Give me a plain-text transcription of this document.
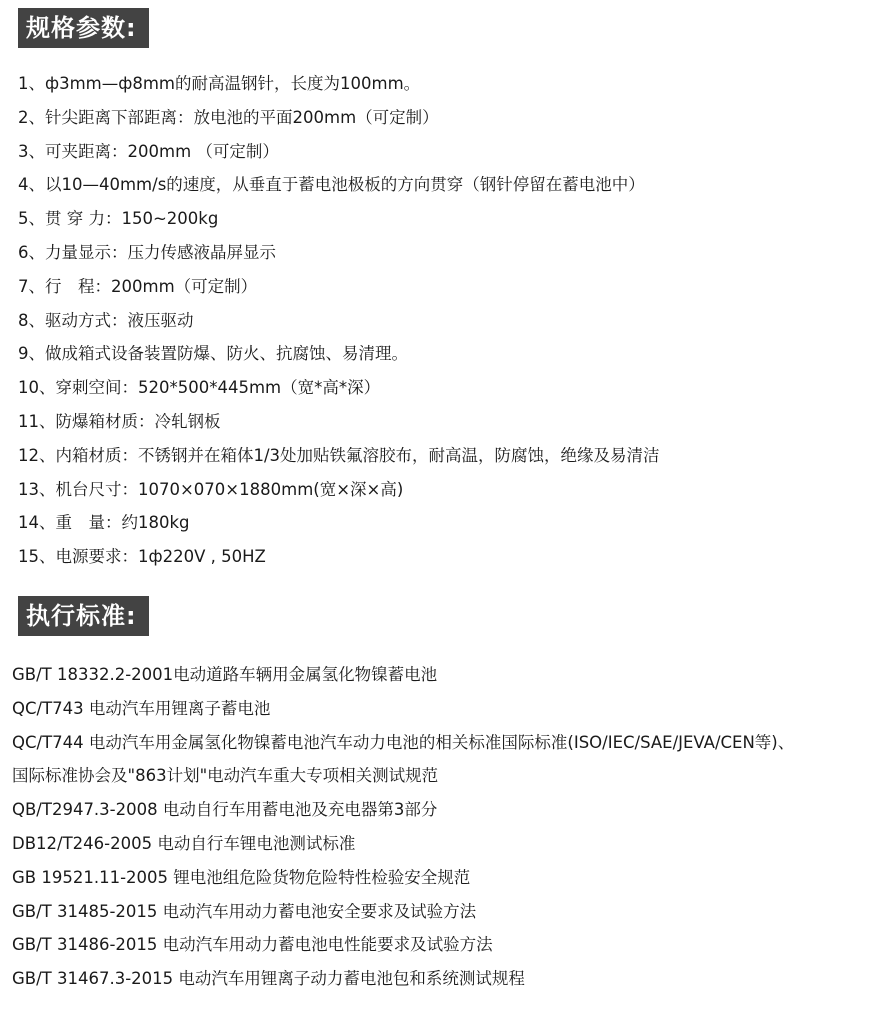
规格参数:
1、ф3mm—ф8mm的耐高温钢针，长度为100mm。
2、针尖距离下部距离：放电池的平面200mm（可定制）
3、可夹距离：200mm （可定制）
4、以10—40mm/s的速度，从垂直于蓄电池极板的方向贯穿（钢针停留在蓄电池中）
5、贯 穿 力：150~200kg
6、力量显示：压力传感液晶屏显示
7、行　程：200mm（可定制）
8、驱动方式：液压驱动
9、做成箱式设备装置防爆、防火、抗腐蚀、易清理。
10、穿刺空间：520*500*445mm（宽*高*深）
11、防爆箱材质：冷轧钢板
12、内箱材质：不锈钢并在箱体1/3处加贴铁氟溶胶布，耐高温，防腐蚀，绝缘及易清洁
13、机台尺寸：1070×070×1880mm(宽×深×高)
14、重　量：约180kg
15、电源要求：1ф220V , 50HZ
执行标准:
GB/T 18332.2-2001电动道路车辆用金属氢化物镍蓄电池
QC/T743 电动汽车用锂离子蓄电池
QC/T744 电动汽车用金属氢化物镍蓄电池汽车动力电池的相关标准国际标准(ISO/IEC/SAE/JEVA/CEN等)、
国际标准协会及"863计划"电动汽车重大专项相关测试规范
QB/T2947.3-2008 电动自行车用蓄电池及充电器第3部分
DB12/T246-2005 电动自行车锂电池测试标准
GB 19521.11-2005 锂电池组危险货物危险特性检验安全规范
GB/T 31485-2015 电动汽车用动力蓄电池安全要求及试验方法
GB/T 31486-2015 电动汽车用动力蓄电池电性能要求及试验方法
GB/T 31467.3-2015 电动汽车用锂离子动力蓄电池包和系统测试规程
